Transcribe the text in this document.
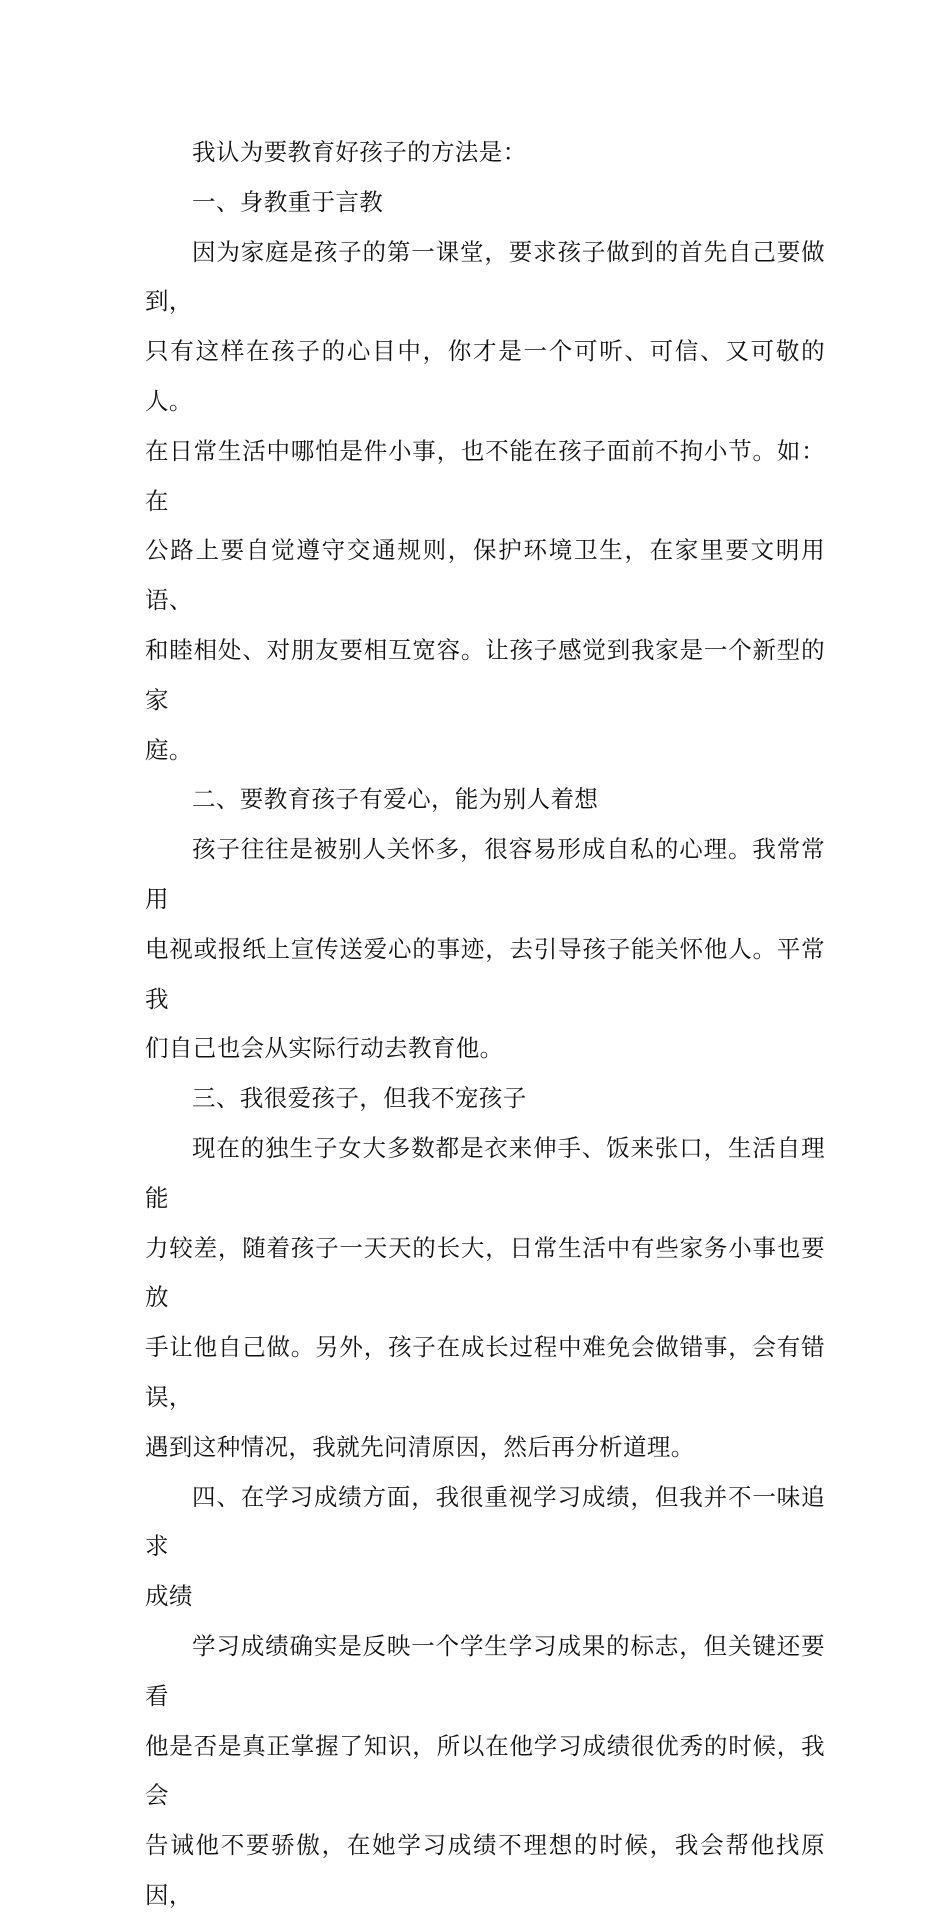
我认为要教育好孩子的方法是：

一、身教重于言教

因为家庭是孩子的第一课堂，要求孩子做到的首先自己要做到，
只有这样在孩子的心目中，你才是一个可听、可信、又可敬的人。
在日常生活中哪怕是件小事，也不能在孩子面前不拘小节。如：在
公路上要自觉遵守交通规则，保护环境卫生，在家里要文明用语、
和睦相处、对朋友要相互宽容。让孩子感觉到我家是一个新型的家
庭。

二、要教育孩子有爱心，能为别人着想

孩子往往是被别人关怀多，很容易形成自私的心理。我常常用
电视或报纸上宣传送爱心的事迹，去引导孩子能关怀他人。平常我
们自己也会从实际行动去教育他。

三、我很爱孩子，但我不宠孩子

现在的独生子女大多数都是衣来伸手、饭来张口，生活自理能
力较差，随着孩子一天天的长大，日常生活中有些家务小事也要放
手让他自己做。另外，孩子在成长过程中难免会做错事，会有错误，
遇到这种情况，我就先问清原因，然后再分析道理。

四、在学习成绩方面，我很重视学习成绩，但我并不一味追求
成绩

学习成绩确实是反映一个学生学习成果的标志，但关键还要看
他是否是真正掌握了知识，所以在他学习成绩很优秀的时候，我会
告诫他不要骄傲，在她学习成绩不理想的时候，我会帮他找原因，
